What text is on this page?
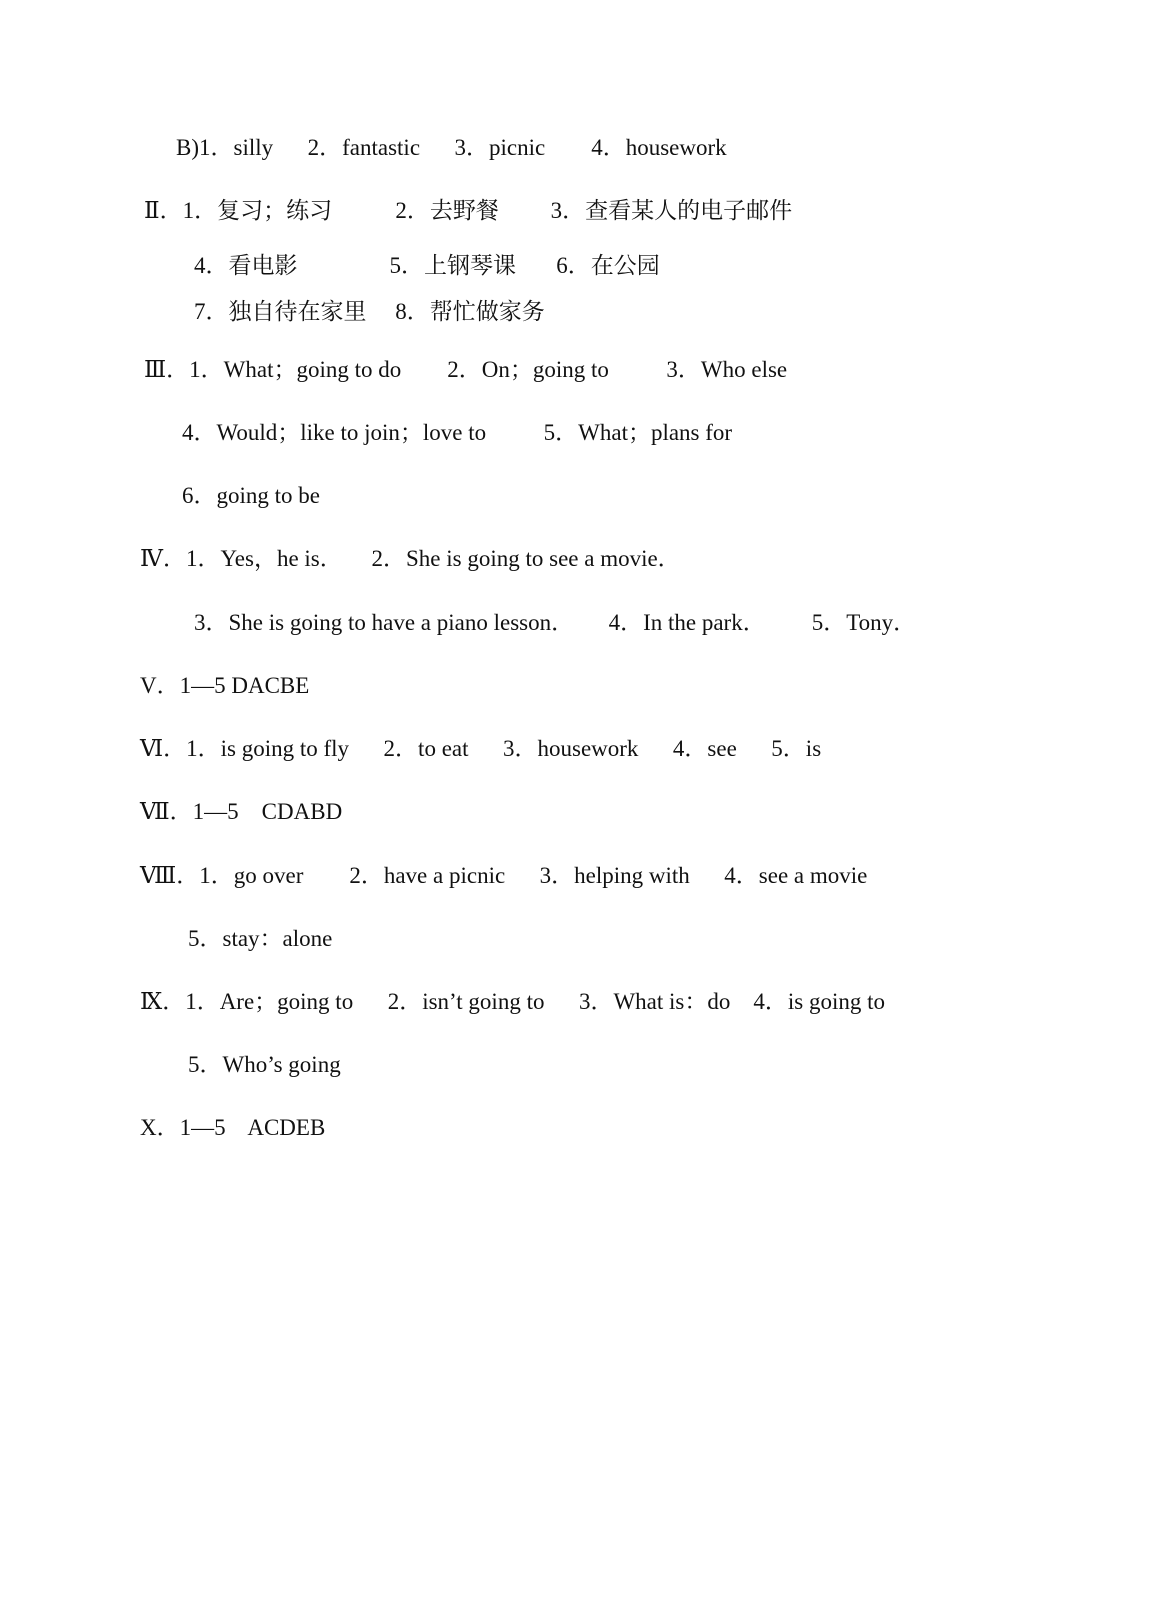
B)1．silly      2．fantastic      3．picnic        4．housework

Ⅱ．1．复习；练习           2．去野餐         3．查看某人的电子邮件

4．看电影                5．上钢琴课       6．在公园

7．独自待在家里     8．帮忙做家务

Ⅲ．1．What；going to do        2．On；going to          3．Who else

4．Would；like to join；love to          5．What；plans for

6．going to be

Ⅳ．1．Yes，he is．     2．She is going to see a movie．

3．She is going to have a piano lesson．      4．In the park．        5．Tony．

V．1—5 DACBE

Ⅵ．1．is going to fly      2．to eat      3．housework      4．see      5．is

Ⅶ．1—5    CDABD

Ⅷ．1．go over        2．have a picnic      3．helping with      4．see a movie

5．stay：alone

Ⅸ．1．Are；going to      2．isn’t going to      3．What is：do    4．is going to

5．Who’s going

X．1—5    ACDEB
